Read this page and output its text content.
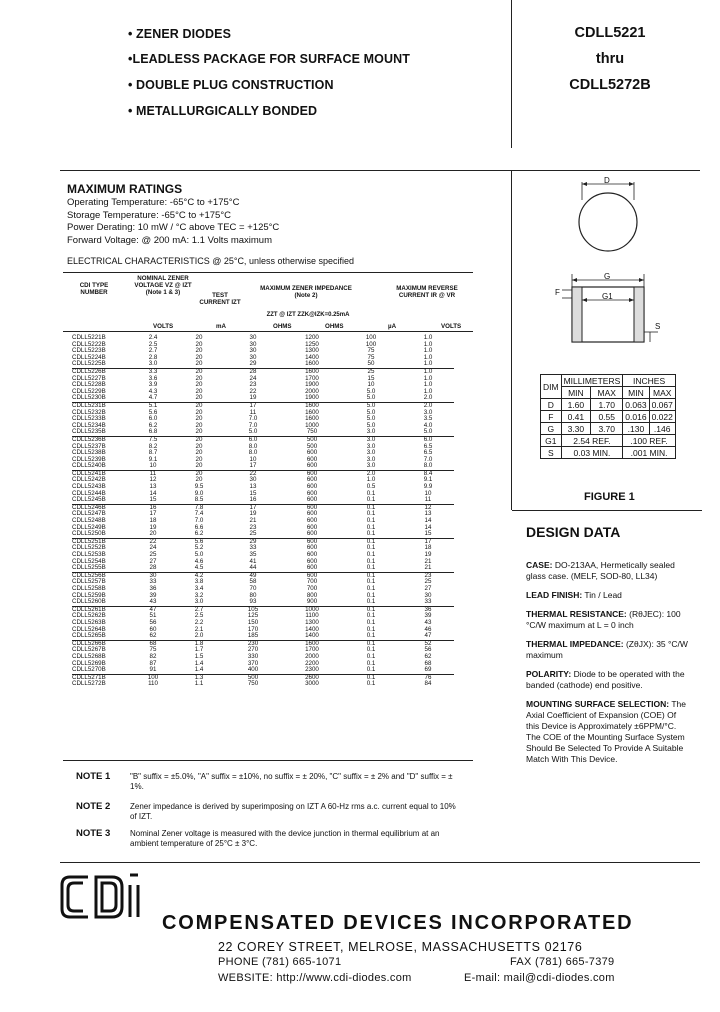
• ZENER DIODES
•LEADLESS PACKAGE FOR SURFACE MOUNT
• DOUBLE PLUG CONSTRUCTION
• METALLURGICALLY BONDED
CDLL5221
thru
CDLL5272B
MAXIMUM RATINGS
Operating Temperature: -65°C to +175°C
Storage Temperature: -65°C to +175°C
Power Derating: 10 mW / °C above TEC = +125°C
Forward Voltage: @ 200 mA: 1.1 Volts maximum
ELECTRICAL CHARACTERISTICS @ 25°C, unless otherwise specified
CDI TYPE NUMBER
NOMINAL ZENER VOLTAGE VZ @ IZT (Note 1 & 3)	TEST CURRENT IZT
MAXIMUM ZENER IMPEDANCE (Note 2)
ZZT @ IZT ZZK@IZK=0.25mA
MAXIMUM REVERSE CURRENT IR @ VR
VOLTS	mA	OHMS	OHMS	µA	VOLTS
CDLL5221B	2.4	20	30	1200	100	1.0
CDLL5222B	2.5	20	30	1250	100	1.0
CDLL5223B	2.7	20	30	1300	75	1.0
CDLL5224B	2.8	20	30	1400	75	1.0
CDLL5225B	3.0	20	29	1600	50	1.0
CDLL5226B	3.3	20	28	1600	25	1.0
CDLL5227B	3.6	20	24	1700	15	1.0
CDLL5228B	3.9	20	23	1900	10	1.0
CDLL5229B	4.3	20	22	2000	5.0	1.0
CDLL5230B	4.7	20	19	1900	5.0	2.0
CDLL5231B	5.1	20	17	1600	5.0	2.0
CDLL5232B	5.6	20	11	1600	5.0	3.0
CDLL5233B	6.0	20	7.0	1600	5.0	3.5
CDLL5234B	6.2	20	7.0	1000	5.0	4.0
CDLL5235B	6.8	20	5.0	750	3.0	5.0
CDLL5236B	7.5	20	6.0	500	3.0	6.0
CDLL5237B	8.2	20	8.0	500	3.0	6.5
CDLL5238B	8.7	20	8.0	600	3.0	6.5
CDLL5239B	9.1	20	10	600	3.0	7.0
CDLL5240B	10	20	17	600	3.0	8.0
CDLL5241B	11	20	22	600	2.0	8.4
CDLL5242B	12	20	30	600	1.0	9.1
CDLL5243B	13	9.5	13	600	0.5	9.9
CDLL5244B	14	9.0	15	600	0.1	10
CDLL5245B	15	8.5	16	600	0.1	11
CDLL5246B	16	7.8	17	600	0.1	12
CDLL5247B	17	7.4	19	600	0.1	13
CDLL5248B	18	7.0	21	600	0.1	14
CDLL5249B	19	6.6	23	600	0.1	14
CDLL5250B	20	6.2	25	600	0.1	15
CDLL5251B	22	5.6	29	600	0.1	17
CDLL5252B	24	5.2	33	600	0.1	18
CDLL5253B	25	5.0	35	600	0.1	19
CDLL5254B	27	4.6	41	600	0.1	21
CDLL5255B	28	4.5	44	600	0.1	21
CDLL5256B	30	4.2	49	600	0.1	23
CDLL5257B	33	3.8	58	700	0.1	25
CDLL5258B	36	3.4	70	700	0.1	27
CDLL5259B	39	3.2	80	800	0.1	30
CDLL5260B	43	3.0	93	900	0.1	33
CDLL5261B	47	2.7	105	1000	0.1	36
CDLL5262B	51	2.5	125	1100	0.1	39
CDLL5263B	56	2.2	150	1300	0.1	43
CDLL5264B	60	2.1	170	1400	0.1	46
CDLL5265B	62	2.0	185	1400	0.1	47
CDLL5266B	68	1.8	230	1600	0.1	52
CDLL5267B	75	1.7	270	1700	0.1	56
CDLL5268B	82	1.5	330	2000	0.1	62
CDLL5269B	87	1.4	370	2200	0.1	68
CDLL5270B	91	1.4	400	2300	0.1	69
CDLL5271B	100	1.3	500	2600	0.1	76
CDLL5272B	110	1.1	750	3000	0.1	84
NOTE 1 "B" suffix = ±5.0%, "A" suffix = ±10%, no suffix = ± 20%, "C" suffix = ± 2% and "D" suffix = ± 1%.
NOTE 2 Zener impedance is derived by superimposing on IZT A 60-Hz rms a.c. current equal to 10% of IZT.
NOTE 3 Nominal Zener voltage is measured with the device junction in thermal equilibrium at an ambient temperature of 25°C ± 3°C.
D
G
F	G1
S
DIM	MILLIMETERS		INCHES	
	MIN	MAX	MIN	MAX
D	1.60	1.70	0.063	0.067
F	0.41	0.55	0.016	0.022
G	3.30	3.70	.130	.146
G1	2.54 REF.		.100 REF.	
S	0.03 MIN.		.001 MIN.	
FIGURE 1
DESIGN DATA
CASE: DO-213AA, Hermetically sealed glass case. (MELF, SOD-80, LL34)
LEAD FINISH: Tin / Lead
THERMAL RESISTANCE: (RθJEC): 100 °C/W maximum at L = 0 inch
THERMAL IMPEDANCE: (ZθJX): 35 °C/W maximum
POLARITY: Diode to be operated with the banded (cathode) end positive.
MOUNTING SURFACE SELECTION: The Axial Coefficient of Expansion (COE) Of this Device is Approximately ±6PPM/°C. The COE of the Mounting Surface System Should Be Selected To Provide A Suitable Match With This Device.
COMPENSATED DEVICES INCORPORATED
22 COREY STREET, MELROSE, MASSACHUSETTS 02176
PHONE (781) 665-1071	FAX (781) 665-7379
WEBSITE: http://www.cdi-diodes.com	E-mail: mail@cdi-diodes.com
